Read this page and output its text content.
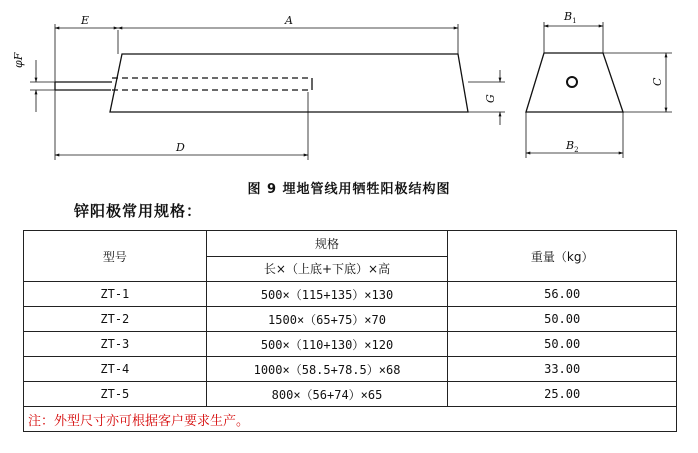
A
E
D
φF
G
$B_1$
$B_2$
C
图 9 埋地管线用牺牲阳极结构图
锌阳极常用规格：
型号	规格	重量（kg）
	长×（上底+下底）×高	
ZT-1	500×（115+135）×130	56.00
ZT-2	1500×（65+75）×70	50.00
ZT-3	500×（110+130）×120	50.00
ZT-4	1000×（58.5+78.5）×68	33.00
ZT-5	800×（56+74）×65	25.00
注：外型尺寸亦可根据客户要求生产。		
